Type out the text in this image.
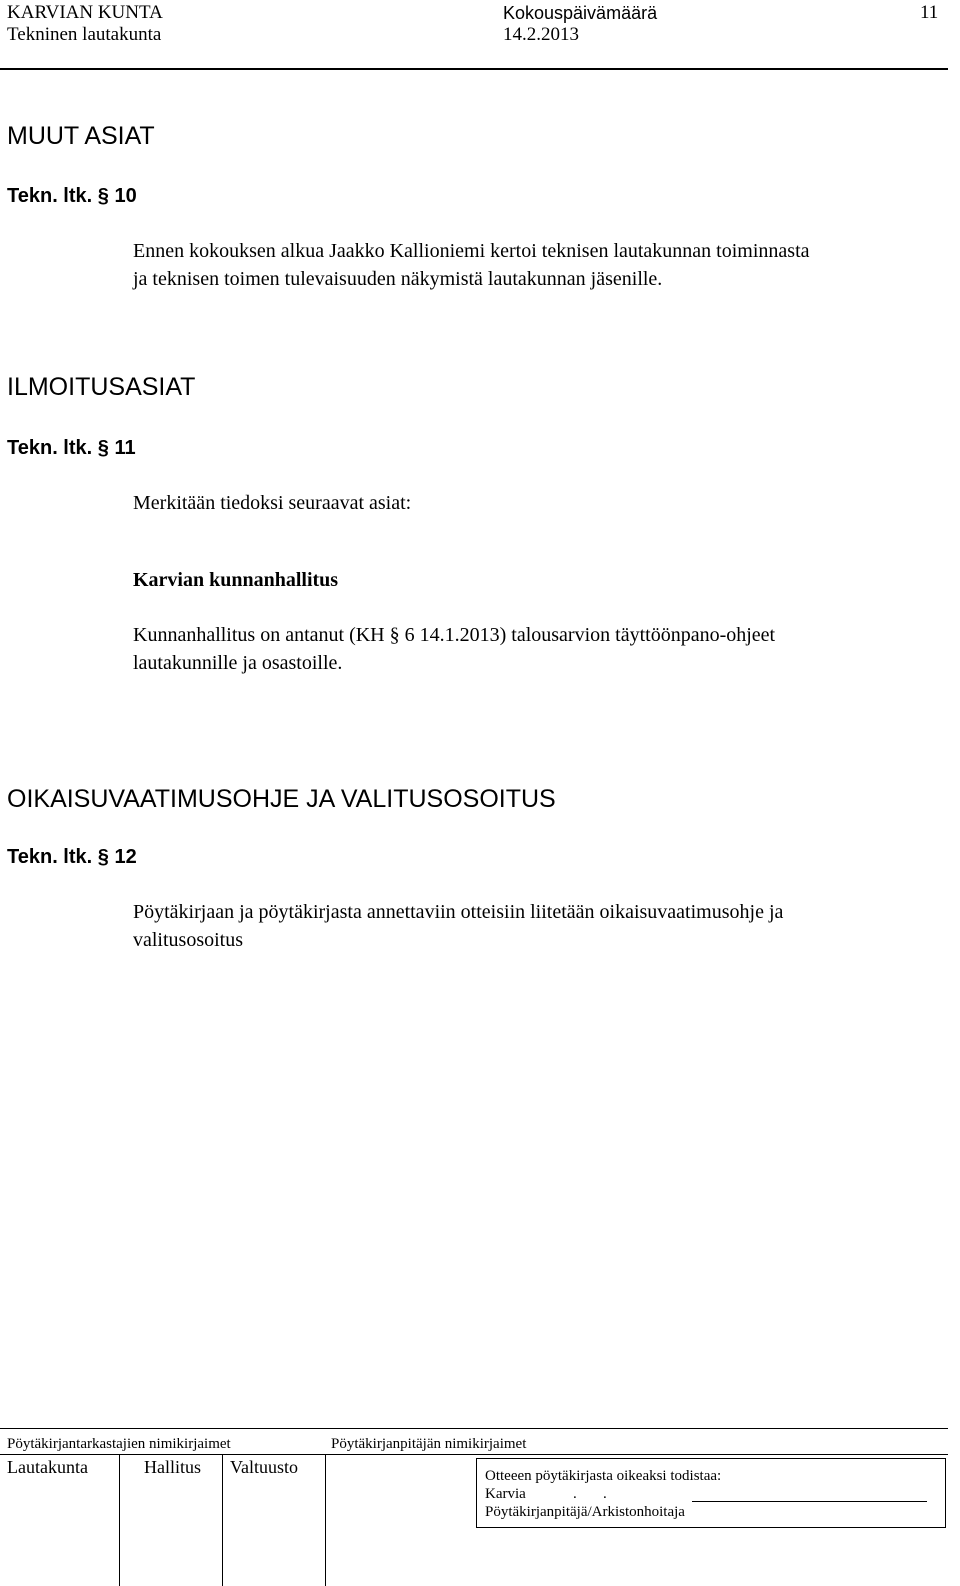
KARVIAN KUNTA
Tekninen lautakunta
Kokouspäivämäärä
14.2.2013
11
MUUT ASIAT
Tekn. ltk. § 10
Ennen kokouksen alkua Jaakko Kallioniemi kertoi teknisen lautakunnan toiminnasta
ja teknisen toimen tulevaisuuden näkymistä lautakunnan jäsenille.
ILMOITUSASIAT
Tekn. ltk. § 11
Merkitään tiedoksi seuraavat asiat:
Karvian kunnanhallitus
Kunnanhallitus on antanut (KH § 6 14.1.2013) talousarvion täyttöönpano-ohjeet
lautakunnille ja osastoille.
OIKAISUVAATIMUSOHJE JA VALITUSOSOITUS
Tekn. ltk. § 12
Pöytäkirjaan ja pöytäkirjasta annettaviin otteisiin liitetään oikaisuvaatimusohje ja
valitusosoitus
Pöytäkirjantarkastajien nimikirjaimet	Pöytäkirjanpitäjän nimikirjaimet
Lautakunta	Hallitus Valtuusto	Otteeen pöytäkirjasta oikeaksi todistaa:
Karvia	.       .
Pöytäkirjanpitäjä/Arkistonhoitaja
